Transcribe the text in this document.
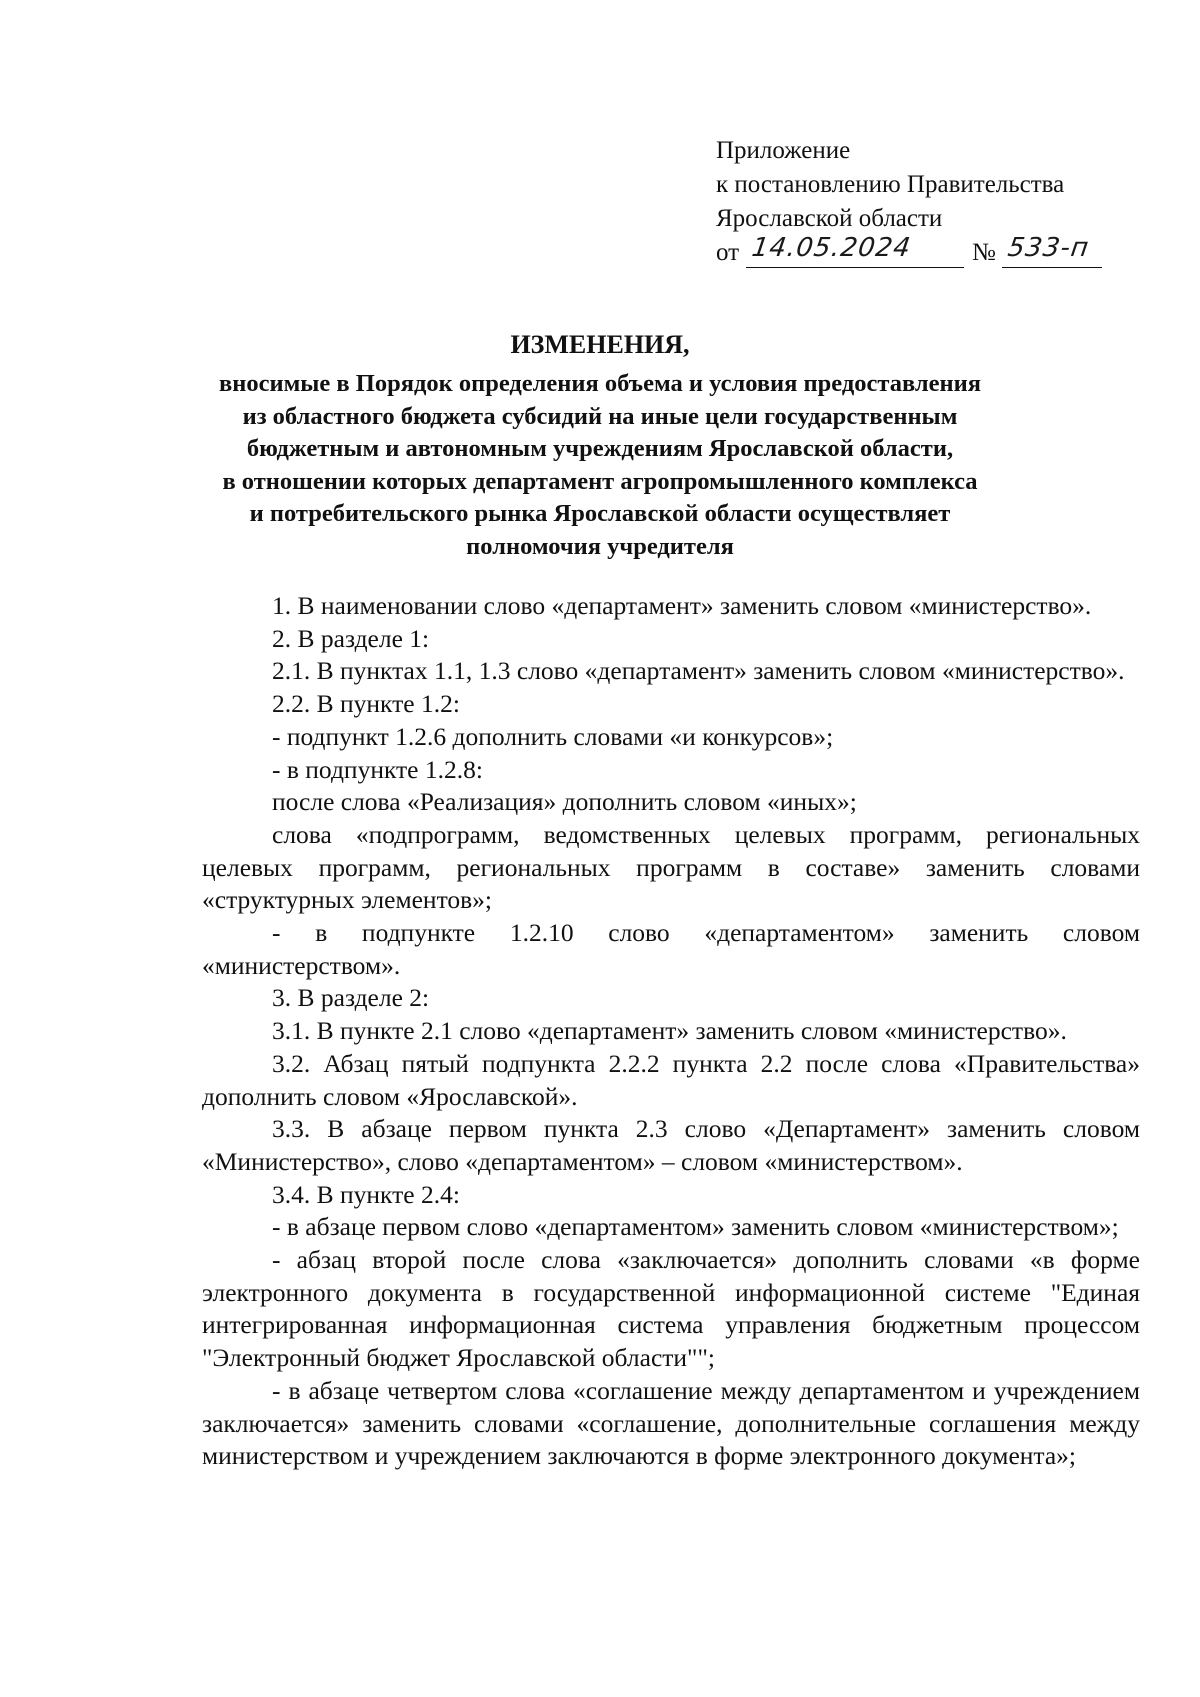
Приложение
к постановлению Правительства
Ярославской области
от 14.05.2024 № 533-п
ИЗМЕНЕНИЯ,
вносимые в Порядок определения объема и условия предоставления
из областного бюджета субсидий на иные цели государственным
бюджетным и автономным учреждениям Ярославской области,
в отношении которых департамент агропромышленного комплекса
и потребительского рынка Ярославской области осуществляет
полномочия учредителя

1. В наименовании слово «департамент» заменить словом «министерство».

2. В разделе 1:

2.1. В пунктах 1.1, 1.3 слово «департамент» заменить словом «министерство».

2.2. В пункте 1.2:

- подпункт 1.2.6 дополнить словами «и конкурсов»;

- в подпункте 1.2.8:

после слова «Реализация» дополнить словом «иных»;

слова «подпрограмм, ведомственных целевых программ, региональных целевых программ, региональных программ в составе» заменить словами «структурных элементов»;

- в подпункте 1.2.10 слово «департаментом» заменить словом «министерством».

3. В разделе 2:

3.1. В пункте 2.1 слово «департамент» заменить словом «министерство».

3.2. Абзац пятый подпункта 2.2.2 пункта 2.2 после слова «Правительства» дополнить словом «Ярославской».

3.3. В абзаце первом пункта 2.3 слово «Департамент» заменить словом «Министерство», слово «департаментом» – словом «министерством».

3.4. В пункте 2.4:

- в абзаце первом слово «департаментом» заменить словом «министерством»;

- абзац второй после слова «заключается» дополнить словами «в форме электронного документа в государственной информационной системе "Единая интегрированная информационная система управления бюджетным процессом "Электронный бюджет Ярославской области"";

- в абзаце четвертом слова «соглашение между департаментом и учреждением заключается» заменить словами «соглашение, дополнительные соглашения между министерством и учреждением заключаются в форме электронного документа»;
